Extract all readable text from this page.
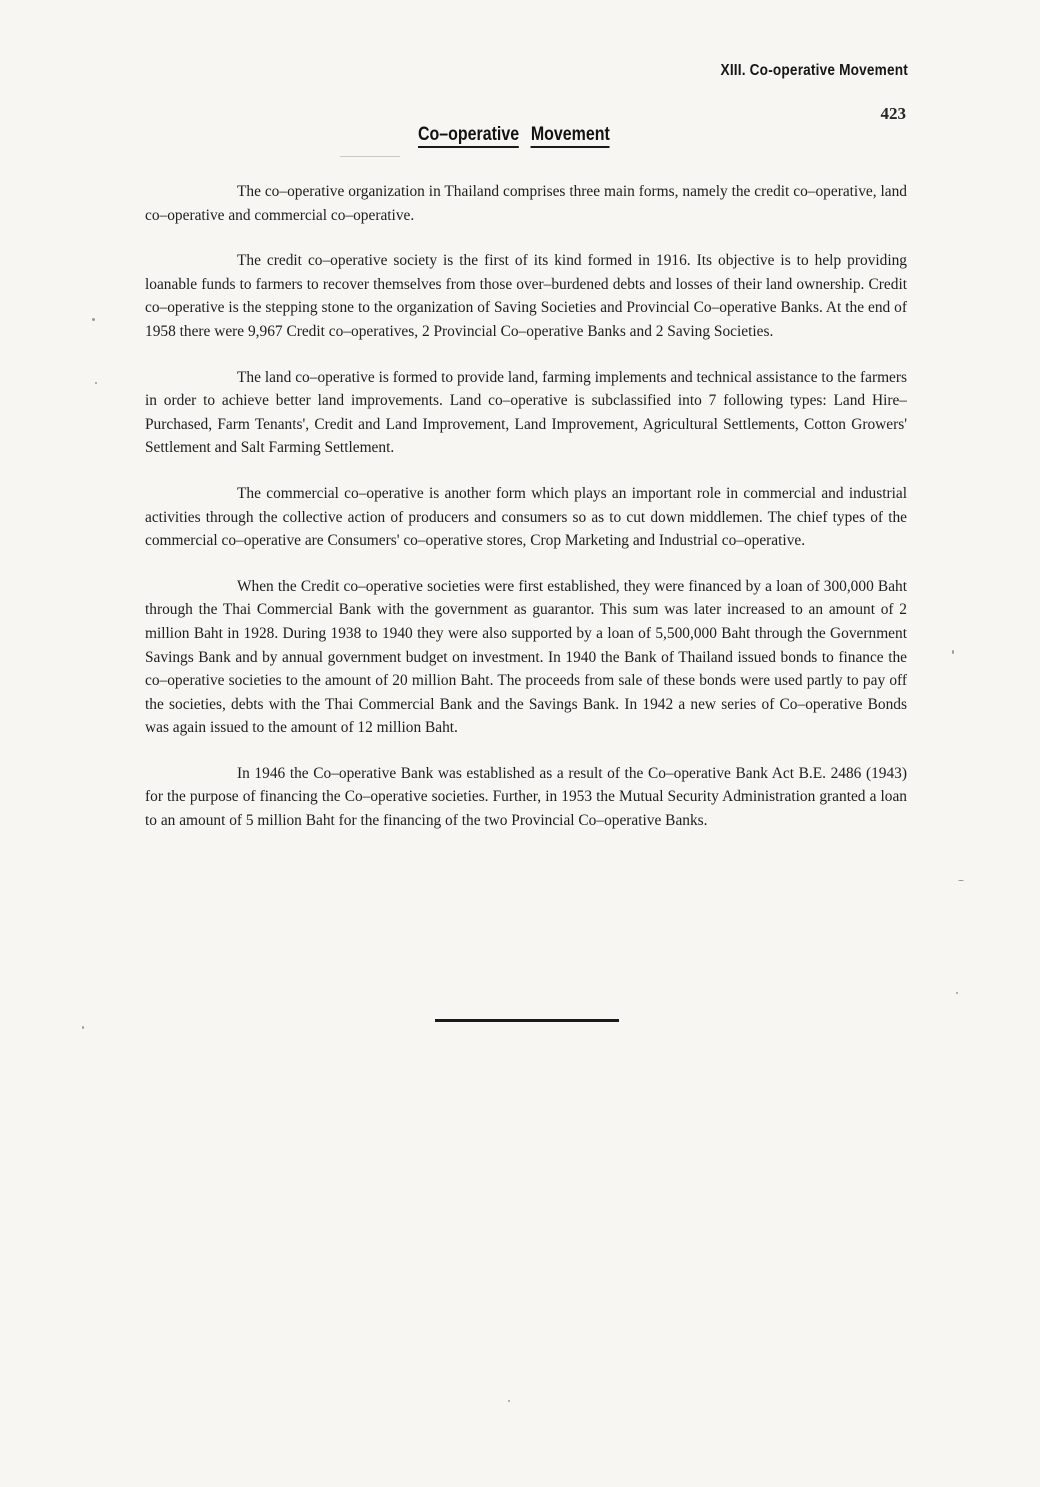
XIII. Co-operative Movement
423
Co–operative Movement

The co–operative organization in Thailand comprises three main forms, namely the credit co–operative, land co–operative and commercial co–operative.

The credit co–operative society is the first of its kind formed in 1916. Its objective is to help providing loanable funds to farmers to recover themselves from those over–burdened debts and losses of their land ownership. Credit co–operative is the stepping stone to the organization of Saving Societies and Provincial Co–operative Banks. At the end of 1958 there were 9,967 Credit co–operatives, 2 Provincial Co–operative Banks and 2 Saving Societies.

The land co–operative is formed to provide land, farming implements and technical assistance to the farmers in order to achieve better land improvements. Land co–operative is subclassified into 7 following types: Land Hire–Purchased, Farm Tenants', Credit and Land Improvement, Land Improvement, Agricultural Settlements, Cotton Growers' Settlement and Salt Farming Settlement.

The commercial co–operative is another form which plays an important role in commercial and industrial activities through the collective action of producers and consumers so as to cut down middlemen. The chief types of the commercial co–operative are Consumers' co–operative stores, Crop Marketing and Industrial co–operative.

When the Credit co–operative societies were first established, they were financed by a loan of 300,000 Baht through the Thai Commercial Bank with the government as guarantor. This sum was later increased to an amount of 2 million Baht in 1928. During 1938 to 1940 they were also supported by a loan of 5,500,000 Baht through the Government Savings Bank and by annual government budget on investment. In 1940 the Bank of Thailand issued bonds to finance the co–operative societies to the amount of 20 million Baht. The proceeds from sale of these bonds were used partly to pay off the societies, debts with the Thai Commercial Bank and the Savings Bank. In 1942 a new series of Co–operative Bonds was again issued to the amount of 12 million Baht.

In 1946 the Co–operative Bank was established as a result of the Co–operative Bank Act B.E. 2486 (1943) for the purpose of financing the Co–operative societies. Further, in 1953 the Mutual Security Administration granted a loan to an amount of 5 million Baht for the financing of the two Provincial Co–operative Banks.
